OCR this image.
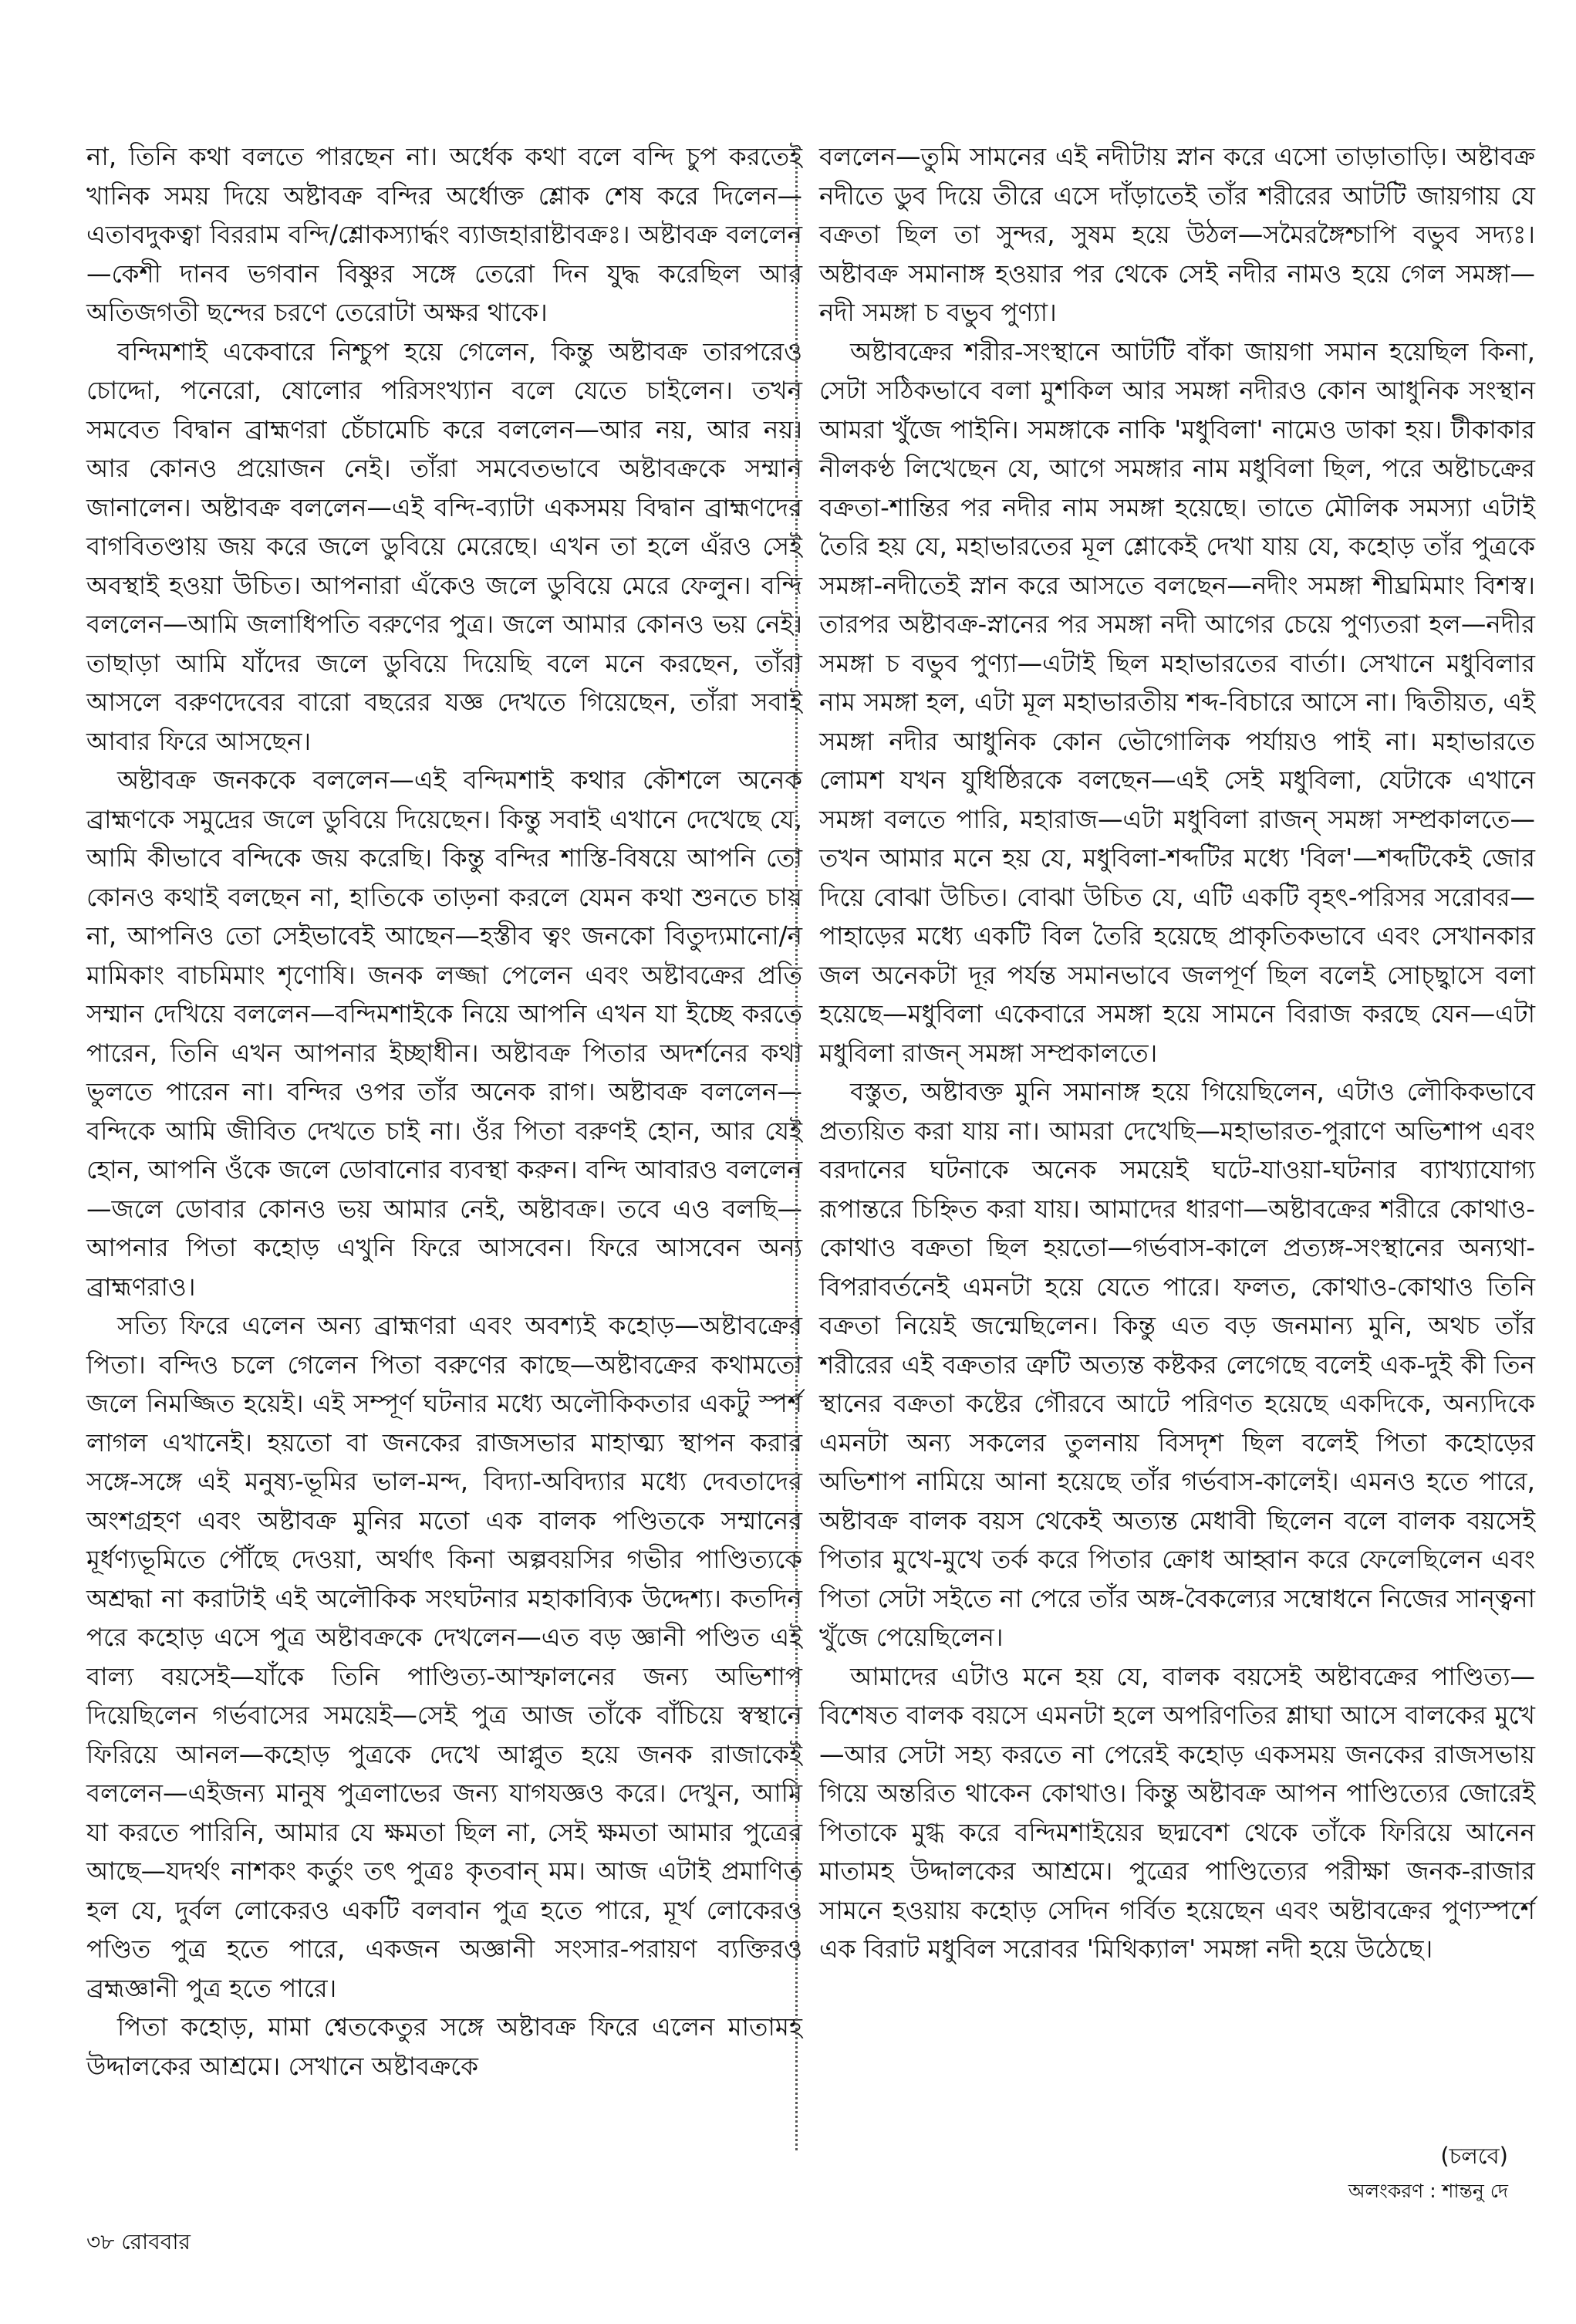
না, তিনি কথা বলতে পারছেন না। অর্ধেক কথা বলে বন্দি চুপ করতেই খানিক সময় দিয়ে অষ্টাবক্র বন্দির অর্ধোক্ত শ্লোক শেষ করে দিলেন—এতাবদুকত্বা বিররাম বন্দি/শ্লোকস্যার্দ্ধং ব্যাজহারাষ্টাবক্রঃ। অষ্টাবক্র বললেন—কেশী দানব ভগবান বিষ্ণুর সঙ্গে তেরো দিন যুদ্ধ করেছিল আর অতিজগতী ছন্দের চরণে তেরোটা অক্ষর থাকে।

বন্দিমশাই একেবারে নিশ্চুপ হয়ে গেলেন, কিন্তু অষ্টাবক্র তারপরেও চোদ্দো, পনেরো, ষোলোর পরিসংখ্যান বলে যেতে চাইলেন। তখন সমবেত বিদ্বান ব্রাহ্মণরা চেঁচামেচি করে বললেন—আর নয়, আর নয়। আর কোনও প্রয়োজন নেই। তাঁরা সমবেতভাবে অষ্টাবক্রকে সম্মান জানালেন। অষ্টাবক্র বললেন—এই বন্দি-ব্যাটা একসময় বিদ্বান ব্রাহ্মণদের বাগবিতণ্ডায় জয় করে জলে ডুবিয়ে মেরেছে। এখন তা হলে এঁরও সেই অবস্থাই হওয়া উচিত। আপনারা এঁকেও জলে ডুবিয়ে মেরে ফেলুন। বন্দি বললেন—আমি জলাধিপতি বরুণের পুত্র। জলে আমার কোনও ভয় নেই। তাছাড়া আমি যাঁদের জলে ডুবিয়ে দিয়েছি বলে মনে করছেন, তাঁরা আসলে বরুণদেবের বারো বছরের যজ্ঞ দেখতে গিয়েছেন, তাঁরা সবাই আবার ফিরে আসছেন।

অষ্টাবক্র জনককে বললেন—এই বন্দিমশাই কথার কৌশলে অনেক ব্রাহ্মণকে সমুদ্রের জলে ডুবিয়ে দিয়েছেন। কিন্তু সবাই এখানে দেখেছে যে, আমি কীভাবে বন্দিকে জয় করেছি। কিন্তু বন্দির শাস্তি-বিষয়ে আপনি তো কোনও কথাই বলছেন না, হাতিকে তাড়না করলে যেমন কথা শুনতে চায় না, আপনিও তো সেইভাবেই আছেন—হস্তীব ত্বং জনকো বিতুদ্যমানো/ন মামিকাং বাচমিমাং শৃণোষি। জনক লজ্জা পেলেন এবং অষ্টাবক্রের প্রতি সম্মান দেখিয়ে বললেন—বন্দিমশাইকে নিয়ে আপনি এখন যা ইচ্ছে করতে পারেন, তিনি এখন আপনার ইচ্ছাধীন। অষ্টাবক্র পিতার অদর্শনের কথা ভুলতে পারেন না। বন্দির ওপর তাঁর অনেক রাগ। অষ্টাবক্র বললেন—বন্দিকে আমি জীবিত দেখতে চাই না। ওঁর পিতা বরুণই হোন, আর যেই হোন, আপনি ওঁকে জলে ডোবানোর ব্যবস্থা করুন। বন্দি আবারও বললেন—জলে ডোবার কোনও ভয় আমার নেই, অষ্টাবক্র। তবে এও বলছি—আপনার পিতা কহোড় এখুনি ফিরে আসবেন। ফিরে আসবেন অন্য ব্রাহ্মণরাও।

সত্যি ফিরে এলেন অন্য ব্রাহ্মণরা এবং অবশ্যই কহোড়—অষ্টাবক্রের পিতা। বন্দিও চলে গেলেন পিতা বরুণের কাছে—অষ্টাবক্রের কথামতো জলে নিমজ্জিত হয়েই। এই সম্পূর্ণ ঘটনার মধ্যে অলৌকিকতার একটু স্পর্শ লাগল এখানেই। হয়তো বা জনকের রাজসভার মাহাত্ম্য স্থাপন করার সঙ্গে-সঙ্গে এই মনুষ্য-ভূমির ভাল-মন্দ, বিদ্যা-অবিদ্যার মধ্যে দেবতাদের অংশগ্রহণ এবং অষ্টাবক্র মুনির মতো এক বালক পণ্ডিতকে সম্মানের মূর্ধণ্যভূমিতে পৌঁছে দেওয়া, অর্থাৎ কিনা অল্পবয়সির গভীর পাণ্ডিত্যকে অশ্রদ্ধা না করাটাই এই অলৌকিক সংঘটনার মহাকাব্যিক উদ্দেশ্য। কতদিন পরে কহোড় এসে পুত্র অষ্টাবক্রকে দেখলেন—এত বড় জ্ঞানী পণ্ডিত এই বাল্য বয়সেই—যাঁকে তিনি পাণ্ডিত্য-আস্ফালনের জন্য অভিশাপ দিয়েছিলেন গর্ভবাসের সময়েই—সেই পুত্র আজ তাঁকে বাঁচিয়ে স্বস্থানে ফিরিয়ে আনল—কহোড় পুত্রকে দেখে আপ্লুত হয়ে জনক রাজাকেই বললেন—এইজন্য মানুষ পুত্রলাভের জন্য যাগযজ্ঞও করে। দেখুন, আমি যা করতে পারিনি, আমার যে ক্ষমতা ছিল না, সেই ক্ষমতা আমার পুত্রের আছে—যদর্থং নাশকং কর্তুং তৎ পুত্রঃ কৃতবান্ মম। আজ এটাই প্রমাণিত হল যে, দুর্বল লোকেরও একটি বলবান পুত্র হতে পারে, মূর্খ লোকেরও পণ্ডিত পুত্র হতে পারে, একজন অজ্ঞানী সংসার-পরায়ণ ব্যক্তিরও ব্রহ্মজ্ঞানী পুত্র হতে পারে।

পিতা কহোড়, মামা শ্বেতকেতুর সঙ্গে অষ্টাবক্র ফিরে এলেন মাতামহ উদ্দালকের আশ্রমে। সেখানে অষ্টাবক্রকে

বললেন—তুমি সামনের এই নদীটায় স্নান করে এসো তাড়াতাড়ি। অষ্টাবক্র নদীতে ডুব দিয়ে তীরে এসে দাঁড়াতেই তাঁর শরীরের আটটি জায়গায় যে বক্রতা ছিল তা সুন্দর, সুষম হয়ে উঠল—সমৈরঙ্গৈশ্চাপি বভুব সদ্যঃ। অষ্টাবক্র সমানাঙ্গ হওয়ার পর থেকে সেই নদীর নামও হয়ে গেল সমঙ্গা—নদী সমঙ্গা চ বভুব পুণ্যা।

অষ্টাবক্রের শরীর-সংস্থানে আটটি বাঁকা জায়গা সমান হয়েছিল কিনা, সেটা সঠিকভাবে বলা মুশকিল আর সমঙ্গা নদীরও কোন আধুনিক সংস্থান আমরা খুঁজে পাইনি। সমঙ্গাকে নাকি 'মধুবিলা' নামেও ডাকা হয়। টীকাকার নীলকণ্ঠ লিখেছেন যে, আগে সমঙ্গার নাম মধুবিলা ছিল, পরে অষ্টাচক্রের বক্রতা-শান্তির পর নদীর নাম সমঙ্গা হয়েছে। তাতে মৌলিক সমস্যা এটাই তৈরি হয় যে, মহাভারতের মূল শ্লোকেই দেখা যায় যে, কহোড় তাঁর পুত্রকে সমঙ্গা-নদীতেই স্নান করে আসতে বলছেন—নদীং সমঙ্গা শীঘ্রমিমাং বিশস্ব। তারপর অষ্টাবক্র-স্নানের পর সমঙ্গা নদী আগের চেয়ে পুণ্যতরা হল—নদীর সমঙ্গা চ বভুব পুণ্যা—এটাই ছিল মহাভারতের বার্তা। সেখানে মধুবিলার নাম সমঙ্গা হল, এটা মূল মহাভারতীয় শব্দ-বিচারে আসে না। দ্বিতীয়ত, এই সমঙ্গা নদীর আধুনিক কোন ভৌগোলিক পর্যায়ও পাই না। মহাভারতে লোমশ যখন যুধিষ্ঠিরকে বলছেন—এই সেই মধুবিলা, যেটাকে এখানে সমঙ্গা বলতে পারি, মহারাজ—এটা মধুবিলা রাজন্ সমঙ্গা সম্প্রকালতে—তখন আমার মনে হয় যে, মধুবিলা-শব্দটির মধ্যে 'বিল'—শব্দটিকেই জোর দিয়ে বোঝা উচিত। বোঝা উচিত যে, এটি একটি বৃহৎ-পরিসর সরোবর—পাহাড়ের মধ্যে একটি বিল তৈরি হয়েছে প্রাকৃতিকভাবে এবং সেখানকার জল অনেকটা দূর পর্যন্ত সমানভাবে জলপূর্ণ ছিল বলেই সোচ্ছ্বাসে বলা হয়েছে—মধুবিলা একেবারে সমঙ্গা হয়ে সামনে বিরাজ করছে যেন—এটা মধুবিলা রাজন্ সমঙ্গা সম্প্রকালতে।

বস্তুত, অষ্টাবক্ত মুনি সমানাঙ্গ হয়ে গিয়েছিলেন, এটাও লৌকিকভাবে প্রত্যয়িত করা যায় না। আমরা দেখেছি—মহাভারত-পুরাণে অভিশাপ এবং বরদানের ঘটনাকে অনেক সময়েই ঘটে-যাওয়া-ঘটনার ব্যাখ্যাযোগ্য রূপান্তরে চিহ্নিত করা যায়। আমাদের ধারণা—অষ্টাবক্রের শরীরে কোথাও-কোথাও বক্রতা ছিল হয়তো—গর্ভবাস-কালে প্রত্যঙ্গ-সংস্থানের অন্যথা-বিপরাবর্তনেই এমনটা হয়ে যেতে পারে। ফলত, কোথাও-কোথাও তিনি বক্রতা নিয়েই জন্মেছিলেন। কিন্তু এত বড় জনমান্য মুনি, অথচ তাঁর শরীরের এই বক্রতার ত্রুটি অত্যন্ত কষ্টকর লেগেছে বলেই এক-দুই কী তিন স্থানের বক্রতা কষ্টের গৌরবে আটে পরিণত হয়েছে একদিকে, অন্যদিকে এমনটা অন্য সকলের তুলনায় বিসদৃশ ছিল বলেই পিতা কহোড়ের অভিশাপ নামিয়ে আনা হয়েছে তাঁর গর্ভবাস-কালেই। এমনও হতে পারে, অষ্টাবক্র বালক বয়স থেকেই অত্যন্ত মেধাবী ছিলেন বলে বালক বয়সেই পিতার মুখে-মুখে তর্ক করে পিতার ক্রোধ আহ্বান করে ফেলেছিলেন এবং পিতা সেটা সইতে না পেরে তাঁর অঙ্গ-বৈকল্যের সম্বোধনে নিজের সান্ত্বনা খুঁজে পেয়েছিলেন।

আমাদের এটাও মনে হয় যে, বালক বয়সেই অষ্টাবক্রের পাণ্ডিত্য—বিশেষত বালক বয়সে এমনটা হলে অপরিণতির শ্লাঘা আসে বালকের মুখে—আর সেটা সহ্য করতে না পেরেই কহোড় একসময় জনকের রাজসভায় গিয়ে অন্তরিত থাকেন কোথাও। কিন্তু অষ্টাবক্র আপন পাণ্ডিত্যের জোরেই পিতাকে মুগ্ধ করে বন্দিমশাইয়ের ছদ্মবেশ থেকে তাঁকে ফিরিয়ে আনেন মাতামহ উদ্দালকের আশ্রমে। পুত্রের পাণ্ডিত্যের পরীক্ষা জনক-রাজার সামনে হওয়ায় কহোড় সেদিন গর্বিত হয়েছেন এবং অষ্টাবক্রের পুণ্যস্পর্শে এক বিরাট মধুবিল সরোবর 'মিথিক্যাল' সমঙ্গা নদী হয়ে উঠেছে।

(চলবে)
অলংকরণ : শান্তনু দে
৩৮ রোববার
